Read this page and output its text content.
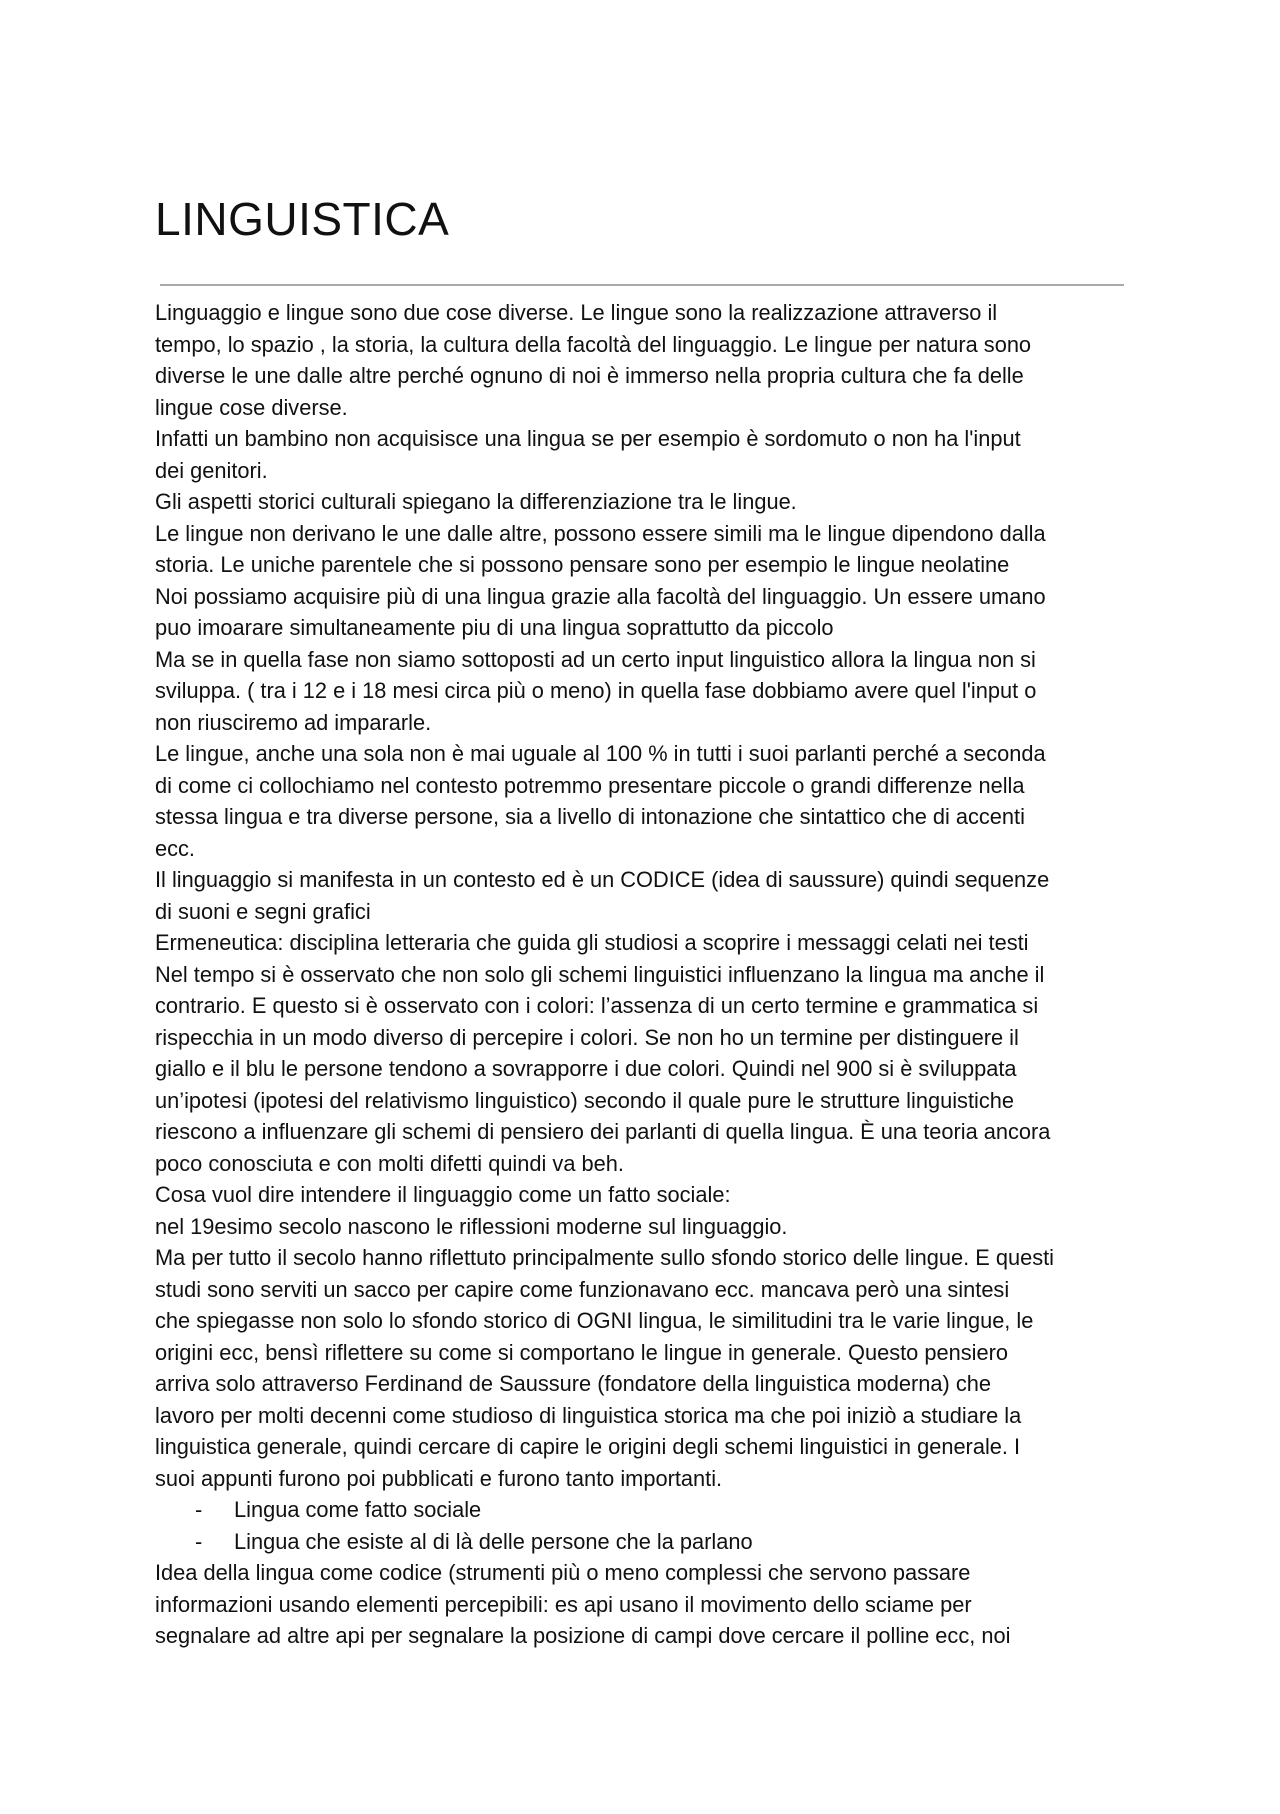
LINGUISTICA
Linguaggio e lingue sono due cose diverse. Le lingue sono la realizzazione attraverso il
tempo, lo spazio , la storia, la cultura della facoltà del linguaggio. Le lingue per natura sono
diverse le une dalle altre perché ognuno di noi è immerso nella propria cultura che fa delle
lingue cose diverse.
Infatti un bambino non acquisisce una lingua se per esempio è sordomuto o non ha l'input
dei genitori.
Gli aspetti storici culturali spiegano la differenziazione tra le lingue.
Le lingue non derivano le une dalle altre, possono essere simili ma le lingue dipendono dalla
storia. Le uniche parentele che si possono pensare sono per esempio le lingue neolatine
Noi possiamo acquisire più di una lingua grazie alla facoltà del linguaggio. Un essere umano
puo imoarare simultaneamente piu di una lingua soprattutto da piccolo
Ma se in quella fase non siamo sottoposti ad un certo input linguistico allora la lingua non si
sviluppa. ( tra i 12 e i 18 mesi circa più o meno) in quella fase dobbiamo avere quel l'input o
non riusciremo ad impararle.
Le lingue, anche una sola non è mai uguale al 100 % in tutti i suoi parlanti perché a seconda
di come ci collochiamo nel contesto potremmo presentare piccole o grandi differenze nella
stessa lingua e tra diverse persone, sia a livello di intonazione che sintattico che di accenti
ecc.
Il linguaggio si manifesta in un contesto ed è un CODICE (idea di saussure) quindi sequenze
di suoni e segni grafici
Ermeneutica: disciplina letteraria che guida gli studiosi a scoprire i messaggi celati nei testi
Nel tempo si è osservato che non solo gli schemi linguistici influenzano la lingua ma anche il
contrario. E questo si è osservato con i colori: l’assenza di un certo termine e grammatica si
rispecchia in un modo diverso di percepire i colori. Se non ho un termine per distinguere il
giallo e il blu le persone tendono a sovrapporre i due colori. Quindi nel 900 si è sviluppata
un’ipotesi (ipotesi del relativismo linguistico) secondo il quale pure le strutture linguistiche
riescono a influenzare gli schemi di pensiero dei parlanti di quella lingua. È una teoria ancora
poco conosciuta e con molti difetti quindi va beh.
Cosa vuol dire intendere il linguaggio come un fatto sociale:
nel 19esimo secolo nascono le riflessioni moderne sul linguaggio.
Ma per tutto il secolo hanno riflettuto principalmente sullo sfondo storico delle lingue. E questi
studi sono serviti un sacco per capire come funzionavano ecc. mancava però una sintesi
che spiegasse non solo lo sfondo storico di OGNI lingua, le similitudini tra le varie lingue, le
origini ecc, bensì riflettere su come si comportano le lingue in generale. Questo pensiero
arriva solo attraverso Ferdinand de Saussure (fondatore della linguistica moderna) che
lavoro per molti decenni come studioso di linguistica storica ma che poi iniziò a studiare la
linguistica generale, quindi cercare di capire le origini degli schemi linguistici in generale. I
suoi appunti furono poi pubblicati e furono tanto importanti.
- Lingua come fatto sociale
- Lingua che esiste al di là delle persone che la parlano
Idea della lingua come codice (strumenti più o meno complessi che servono passare
informazioni usando elementi percepibili: es api usano il movimento dello sciame per
segnalare ad altre api per segnalare la posizione di campi dove cercare il polline ecc, noi
